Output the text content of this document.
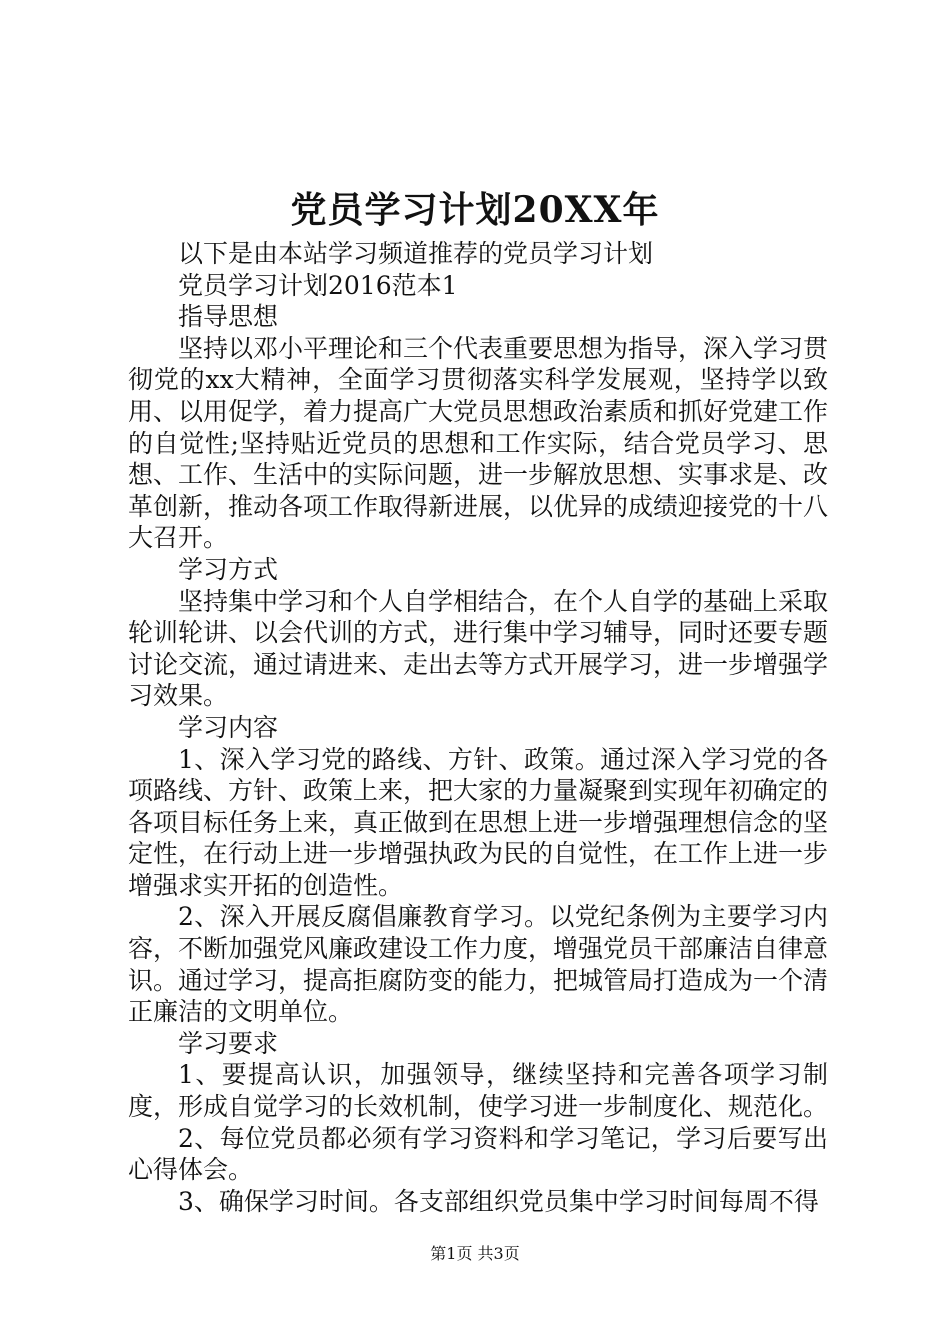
党员学习计划20XX年

以下是由本站学习频道推荐的党员学习计划

党员学习计划2016范本1

指导思想

坚持以邓小平理论和三个代表重要思想为指导，深入学习贯彻党的xx大精神，全面学习贯彻落实科学发展观，坚持学以致用、以用促学，着力提高广大党员思想政治素质和抓好党建工作的自觉性;坚持贴近党员的思想和工作实际，结合党员学习、思想、工作、生活中的实际问题，进一步解放思想、实事求是、改革创新，推动各项工作取得新进展，以优异的成绩迎接党的十八大召开。

学习方式

坚持集中学习和个人自学相结合，在个人自学的基础上采取轮训轮讲、以会代训的方式，进行集中学习辅导，同时还要专题讨论交流，通过请进来、走出去等方式开展学习，进一步增强学习效果。

学习内容

1、深入学习党的路线、方针、政策。通过深入学习党的各项路线、方针、政策上来，把大家的力量凝聚到实现年初确定的各项目标任务上来，真正做到在思想上进一步增强理想信念的坚定性，在行动上进一步增强执政为民的自觉性，在工作上进一步增强求实开拓的创造性。

2、深入开展反腐倡廉教育学习。以党纪条例为主要学习内容，不断加强党风廉政建设工作力度，增强党员干部廉洁自律意识。通过学习，提高拒腐防变的能力，把城管局打造成为一个清正廉洁的文明单位。

学习要求

1、要提高认识，加强领导，继续坚持和完善各项学习制度，形成自觉学习的长效机制，使学习进一步制度化、规范化。

2、每位党员都必须有学习资料和学习笔记，学习后要写出心得体会。

3、确保学习时间。各支部组织党员集中学习时间每周不得

第1页 共3页
